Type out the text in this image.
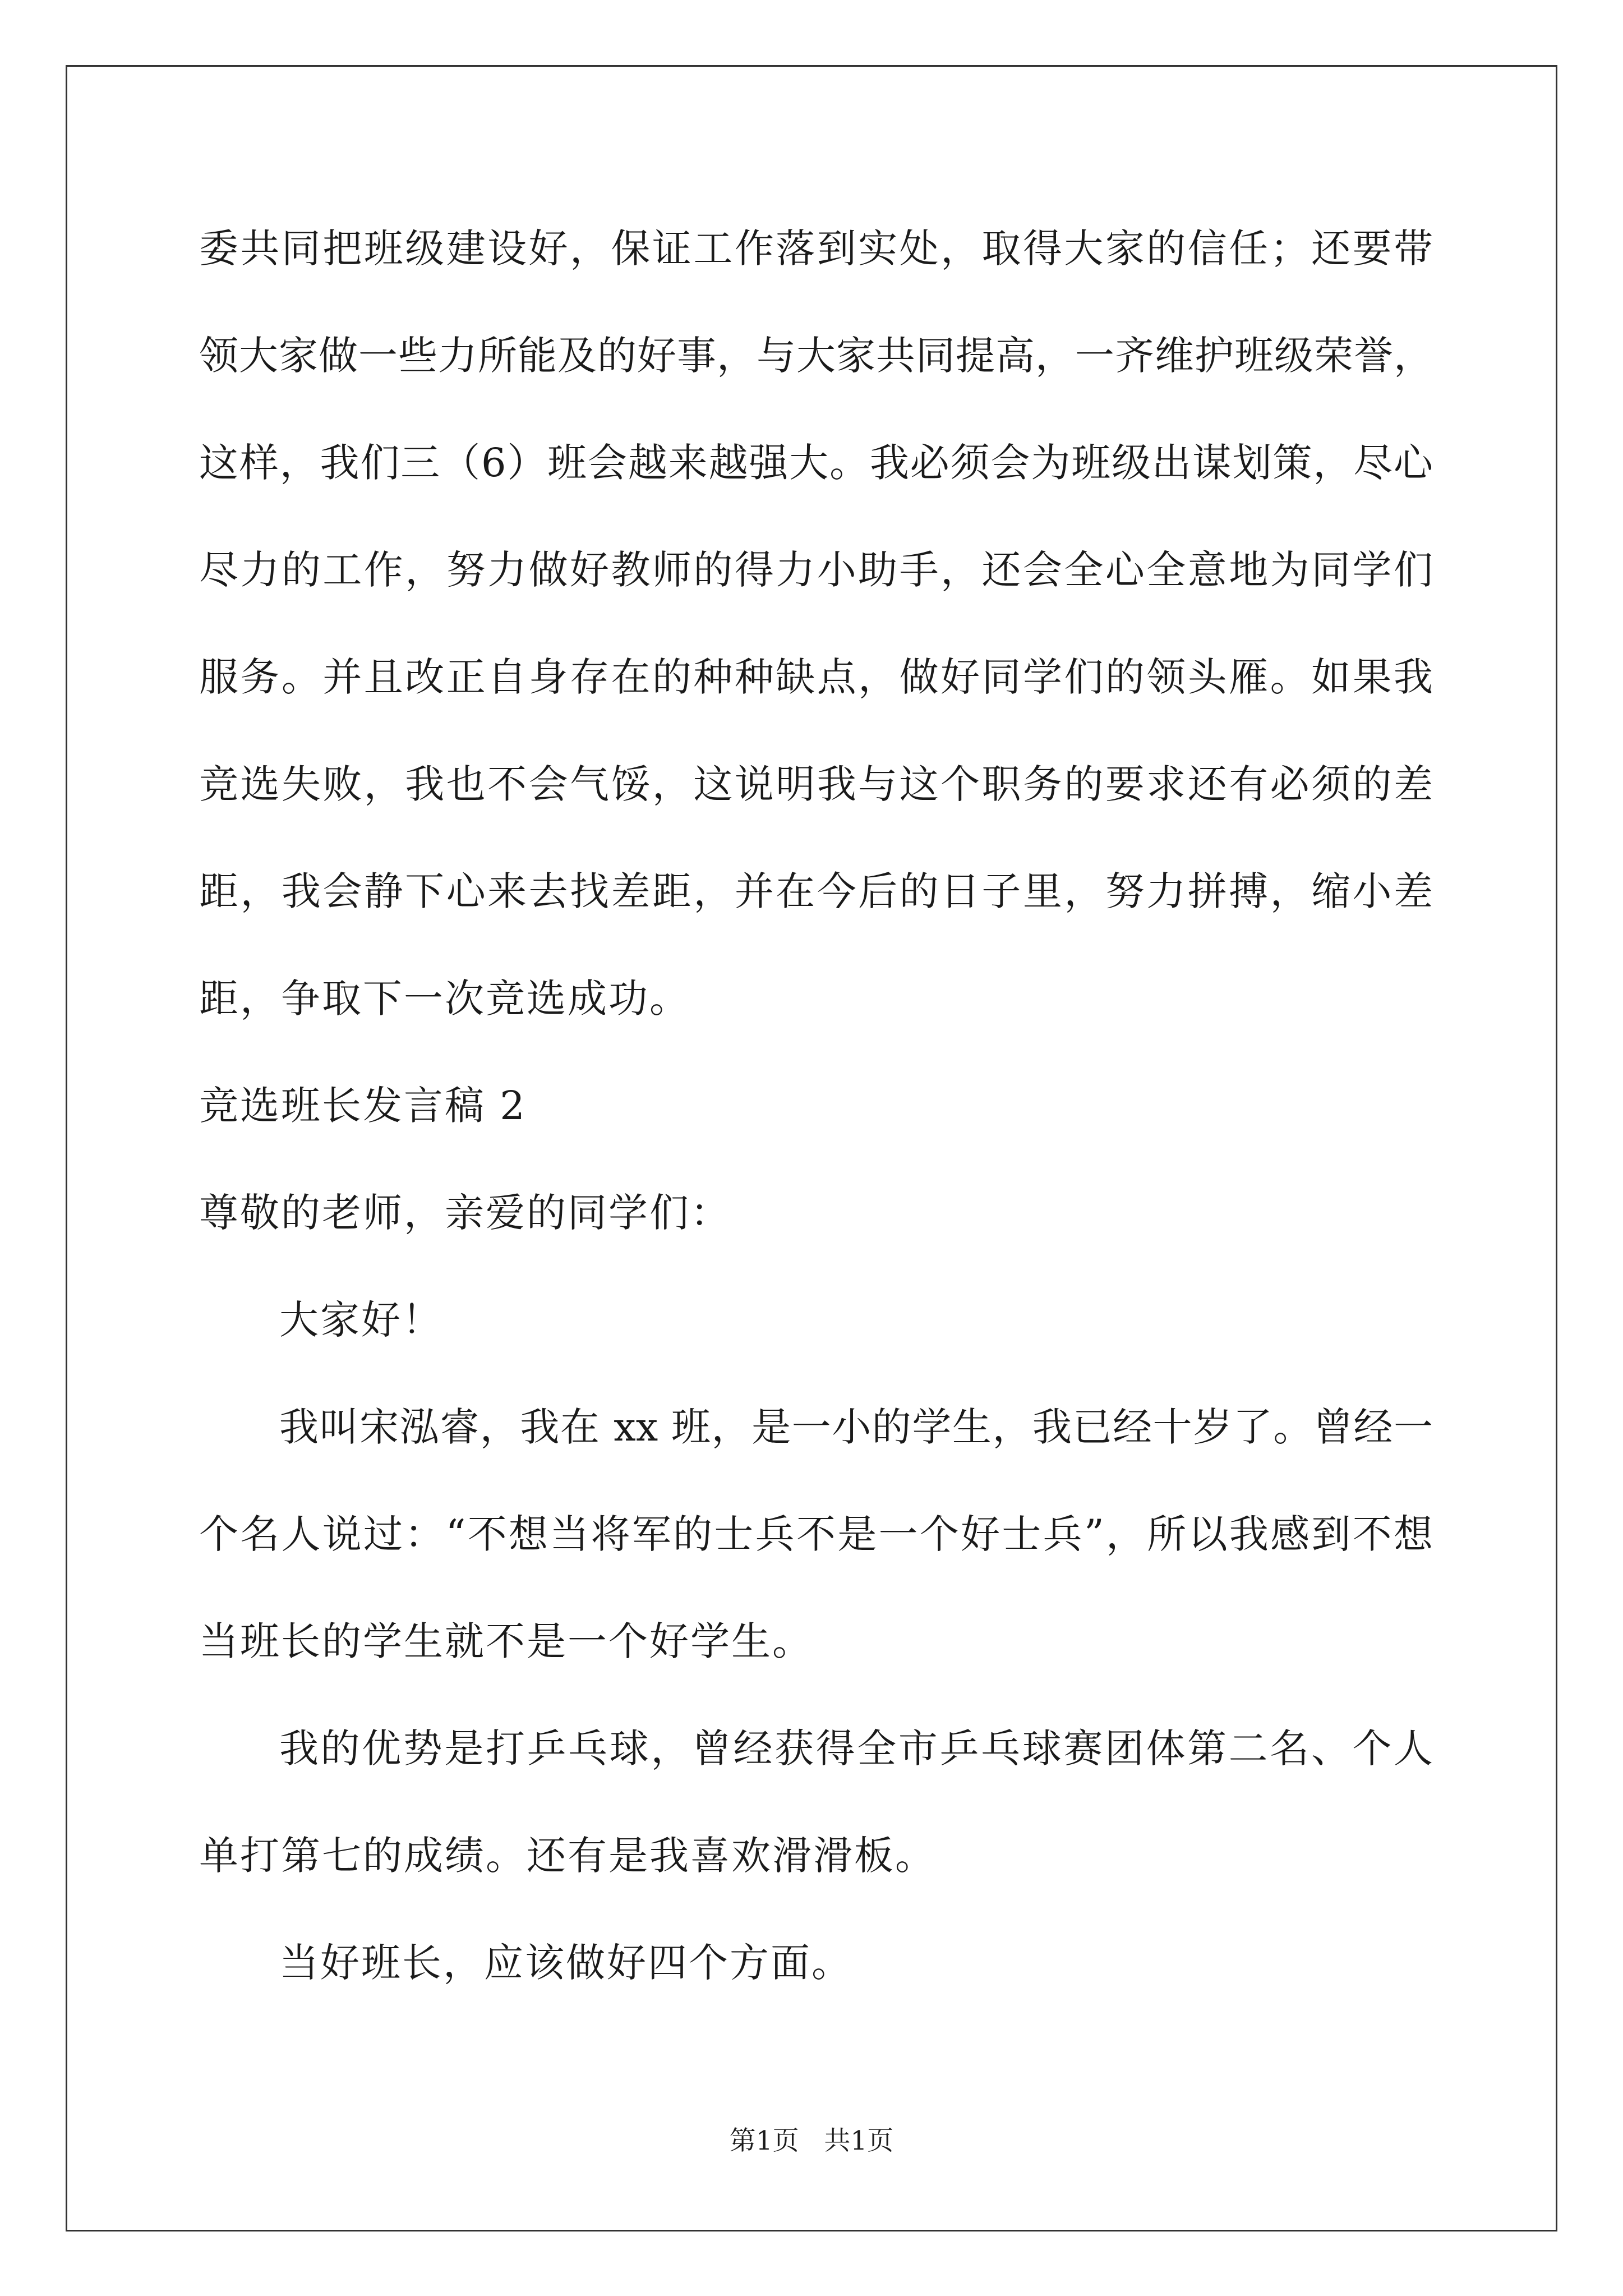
委共同把班级建设好，保证工作落到实处，取得大家的信任；还要带
领大家做一些力所能及的好事，与大家共同提高，一齐维护班级荣誉，
这样，我们三（6）班会越来越强大。我必须会为班级出谋划策，尽心
尽力的工作，努力做好教师的得力小助手，还会全心全意地为同学们
服务。并且改正自身存在的种种缺点，做好同学们的领头雁。如果我
竞选失败，我也不会气馁，这说明我与这个职务的要求还有必须的差
距，我会静下心来去找差距，并在今后的日子里，努力拼搏，缩小差
距，争取下一次竞选成功。
竞选班长发言稿 2
尊敬的老师，亲爱的同学们：
大家好！
我叫宋泓睿，我在 xx 班，是一小的学生，我已经十岁了。曾经一
个名人说过：“不想当将军的士兵不是一个好士兵”，所以我感到不想
当班长的学生就不是一个好学生。
我的优势是打乒乓球，曾经获得全市乒乓球赛团体第二名、个人
单打第七的成绩。还有是我喜欢滑滑板。
当好班长，应该做好四个方面。
第1页   共1页
